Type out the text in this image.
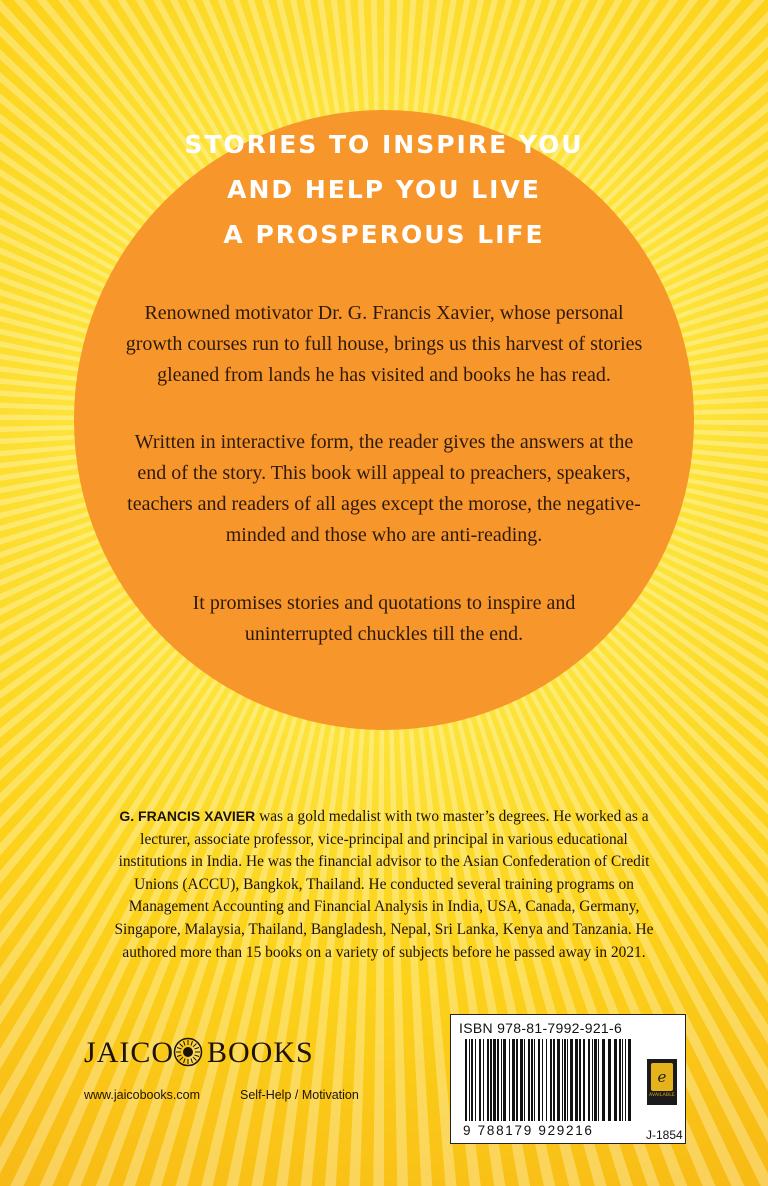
STORIES TO INSPIRE YOU
AND HELP YOU LIVE
A PROSPEROUS LIFE

Renowned motivator Dr. G. Francis Xavier, whose personal
growth courses run to full house, brings us this harvest of stories
gleaned from lands he has visited and books he has read.

Written in interactive form, the reader gives the answers at the
end of the story. This book will appeal to preachers, speakers,
teachers and readers of all ages except the morose, the negative-
minded and those who are anti-reading.

It promises stories and quotations to inspire and
uninterrupted chuckles till the end.

G. FRANCIS XAVIER was a gold medalist with two master’s degrees. He worked as a
lecturer, associate professor, vice-principal and principal in various educational
institutions in India. He was the financial advisor to the Asian Confederation of Credit
Unions (ACCU), Bangkok, Thailand. He conducted several training programs on
Management Accounting and Financial Analysis in India, USA, Canada, Germany,
Singapore, Malaysia, Thailand, Bangladesh, Nepal, Sri Lanka, Kenya and Tanzania. He
authored more than 15 books on a variety of subjects before he passed away in 2021.

JAICO BOOKS
www.jaicobooks.com	Self-Help / Motivation
ISBN 978-81-7992-921-6
9 788179 929216
e
AVAILABLE
J-1854
